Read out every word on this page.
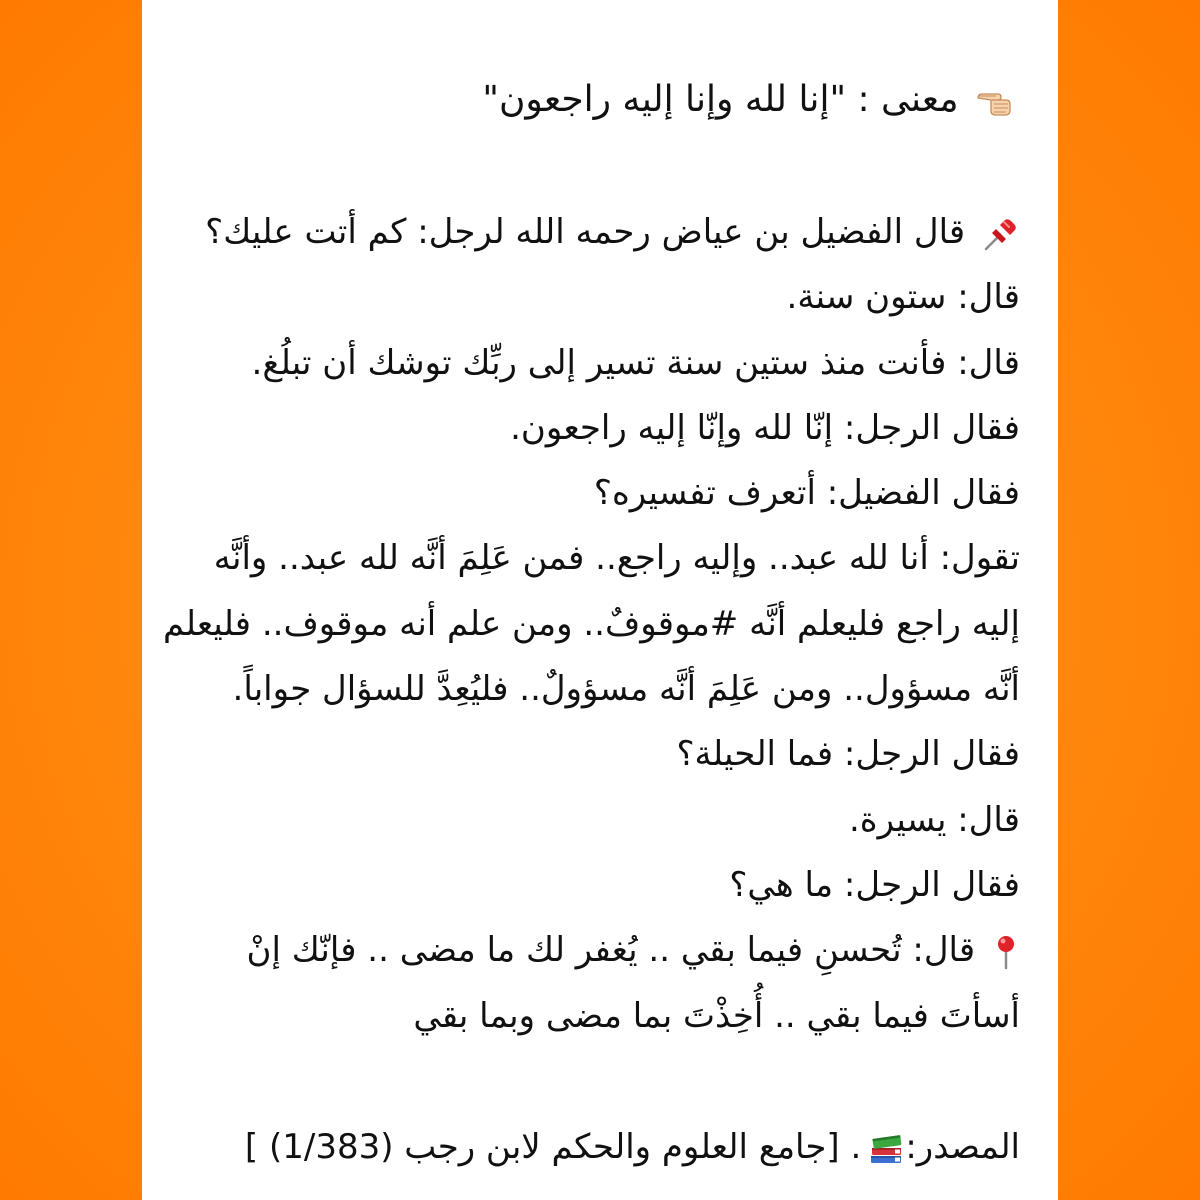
معنى : "إنا لله وإنا إليه راجعون"
قال الفضيل بن عياض رحمه الله لرجل: كم أتت عليك؟
قال: ستون سنة.
قال: فأنت منذ ستين سنة تسير إلى ربِّك توشك أن تبلُغ.
فقال الرجل: إنّا لله وإنّا إليه راجعون.
فقال الفضيل: أتعرف تفسيره؟
تقول: أنا لله عبد.. وإليه راجع.. فمن عَلِمَ أنَّه لله عبد.. وأنَّه
إليه راجع فليعلم أنَّه #موقوفٌ.. ومن علم أنه موقوف.. فليعلم
أنَّه مسؤول.. ومن عَلِمَ أنَّه مسؤولٌ.. فليُعِدَّ للسؤال جواباً.
فقال الرجل: فما الحيلة؟
قال: يسيرة.
فقال الرجل: ما هي؟
قال: تُحسنِ فيما بقي .. يُغفر لك ما مضى .. فإنّك إنْ
أسأتَ فيما بقي .. أُخِذْتَ بما مضى وبما بقي
المصدر:
. [جامع العلوم والحكم لابن رجب (1/383) ]
